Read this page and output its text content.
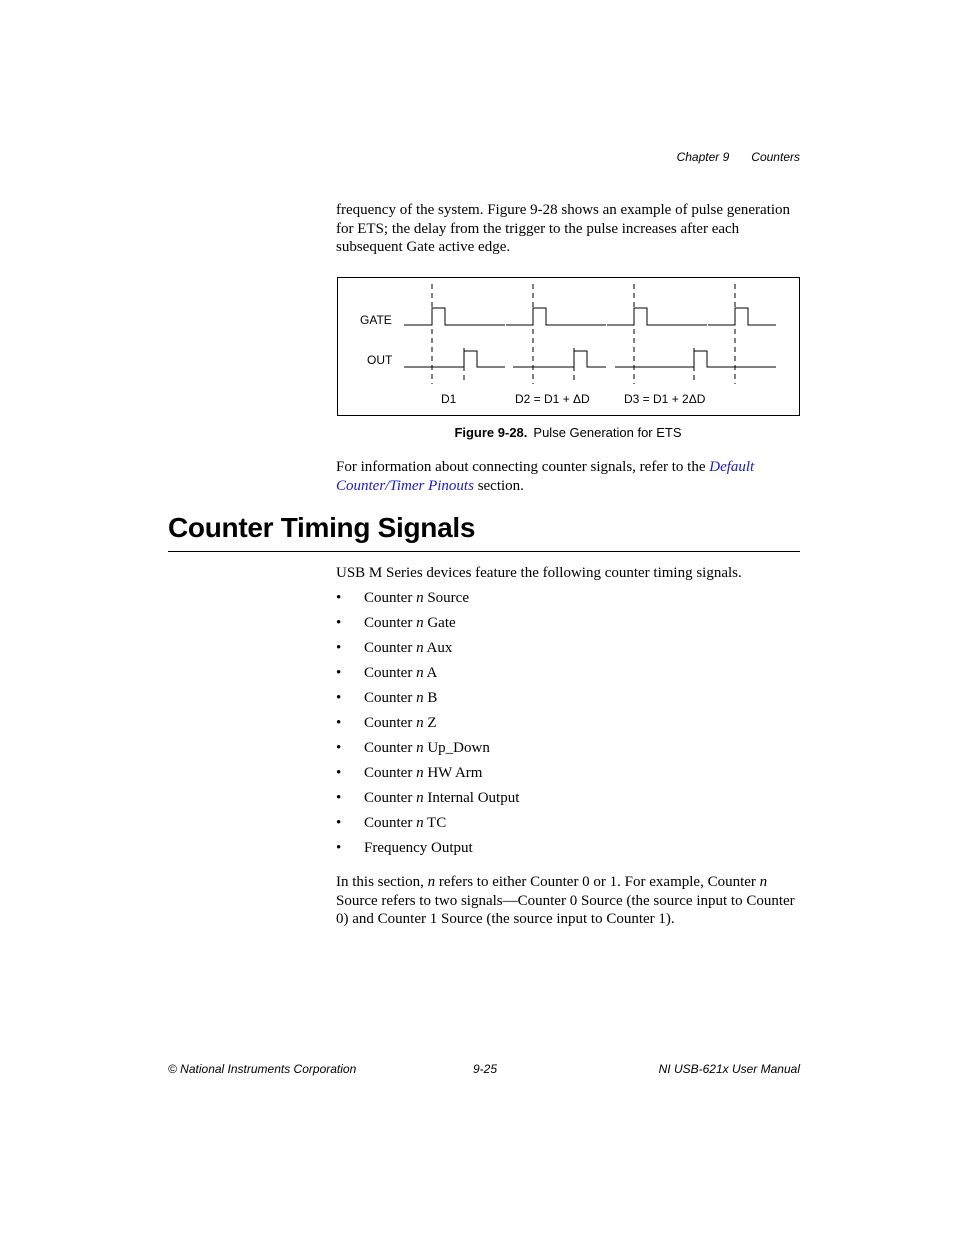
Chapter 9 Counters
frequency of the system. Figure 9-28 shows an example of pulse generation for ETS; the delay from the trigger to the pulse increases after each subsequent Gate active edge.
GATE
OUT
D1	D2 = D1 + ΔD	D3 = D1 + 2ΔD
Figure 9-28. Pulse Generation for ETS
For information about connecting counter signals, refer to the Default Counter/Timer Pinouts section.
Counter Timing Signals
USB M Series devices feature the following counter timing signals.
• Counter n Source
• Counter n Gate
• Counter n Aux
• Counter n A
• Counter n B
• Counter n Z
• Counter n Up_Down
• Counter n HW Arm
• Counter n Internal Output
• Counter n TC
• Frequency Output
In this section, n refers to either Counter 0 or 1. For example, Counter n Source refers to two signals—Counter 0 Source (the source input to Counter 0) and Counter 1 Source (the source input to Counter 1).
© National Instruments Corporation	9-25	NI USB-621x User Manual
